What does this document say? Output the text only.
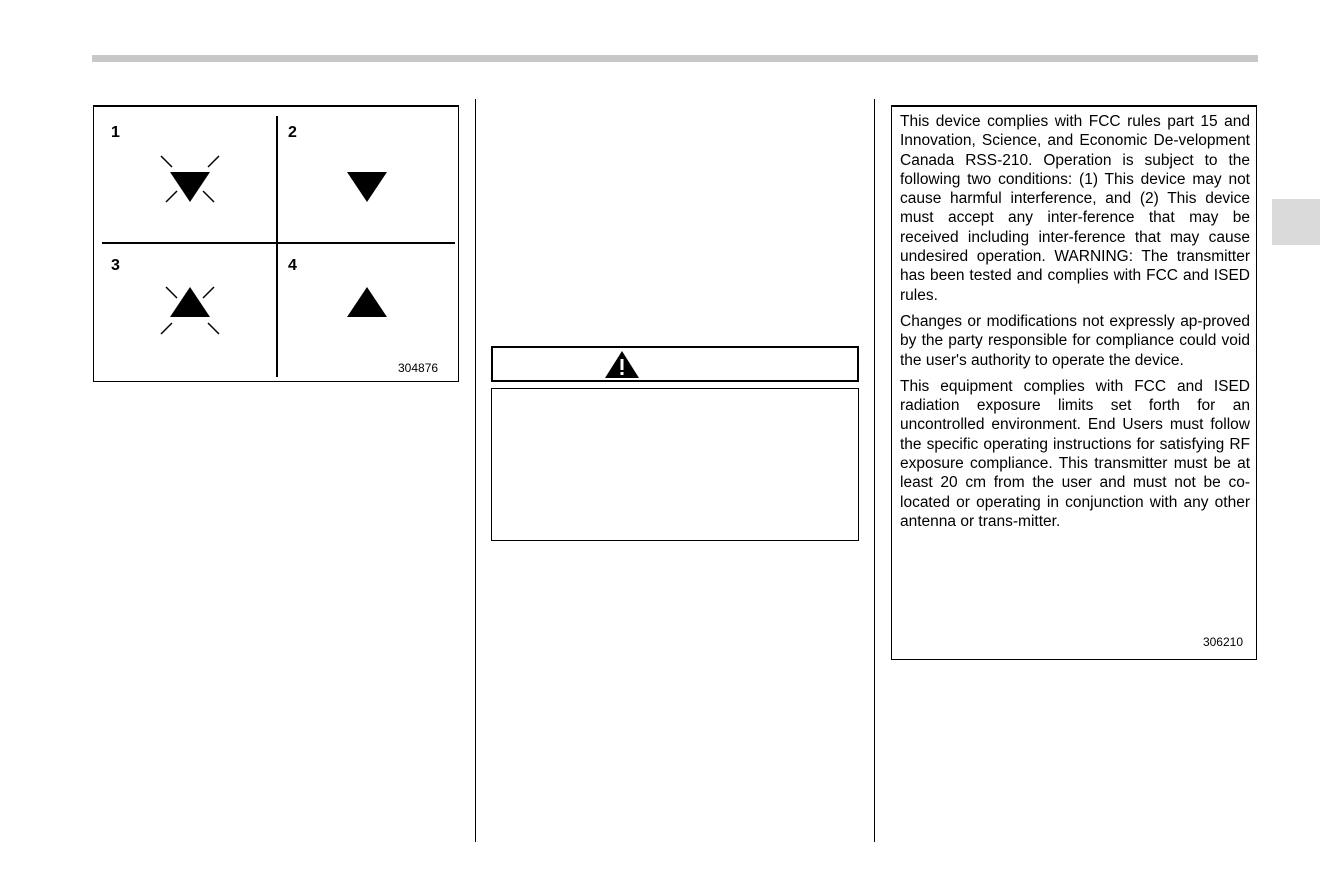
1	2
3	4
304876

This device complies with FCC rules part 15 and Innovation, Science, and Economic De-velopment Canada RSS-210. Operation is subject to the following two conditions: (1) This device may not cause harmful interference, and (2) This device must accept any inter-ference that may be received including inter-ference that may cause undesired operation. WARNING: The transmitter has been tested and complies with FCC and ISED rules.

Changes or modifications not expressly ap-proved by the party responsible for compliance could void the user's authority to operate the device.

This equipment complies with FCC and ISED radiation exposure limits set forth for an uncontrolled environment. End Users must follow the specific operating instructions for satisfying RF exposure compliance. This transmitter must be at least 20 cm from the user and must not be co-located or operating in conjunction with any other antenna or trans-mitter.

306210
